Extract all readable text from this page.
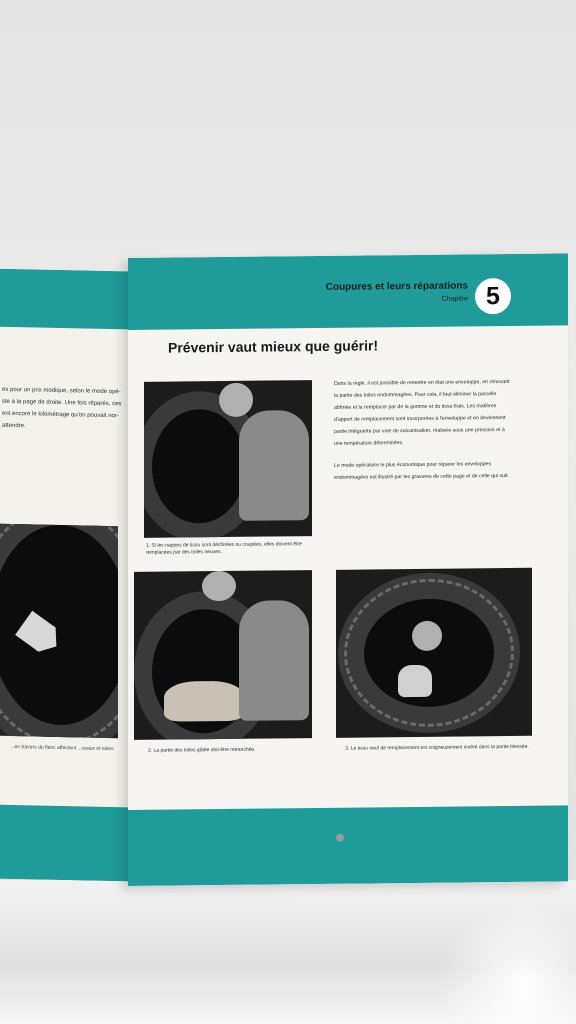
es pour un prix modique, selon le mode opé-
ste à la page de droite. Une fois réparés, ces
ent encore le kilométrage qu'on pouvait nor-
attendre.
...en travers du flanc affectant ...ceaux et toiles
Coupures et leurs réparations
Chapitre 5
Prévenir vaut mieux que guérir!

Dans la règle, il est possible de remettre en état une enveloppe, en rénovant la partie des toiles endommagées. Pour cela, il faut éliminer la parcelle abîmée et la remplacer par de la gomme et du tissu frais. Les matières d'apport de remplacement sont incorporées à l'enveloppe et en deviennent partie intégrante par voie de vulcanisation, réalisée sous une pression et à une température déterminées.

Le mode opératoire le plus économique pour réparer les enveloppes endommagées est illustré par les gravures de cette page et de celle qui suit.

1. Si les nappes de tissu sont déchirées ou coupées, elles doivent être remplacées par des toiles neuves.
2. La partie des toiles gâtée doit être retranchée.	3. Le tissu neuf de remplacement est soigneusement inséré dans la partie blessée.
